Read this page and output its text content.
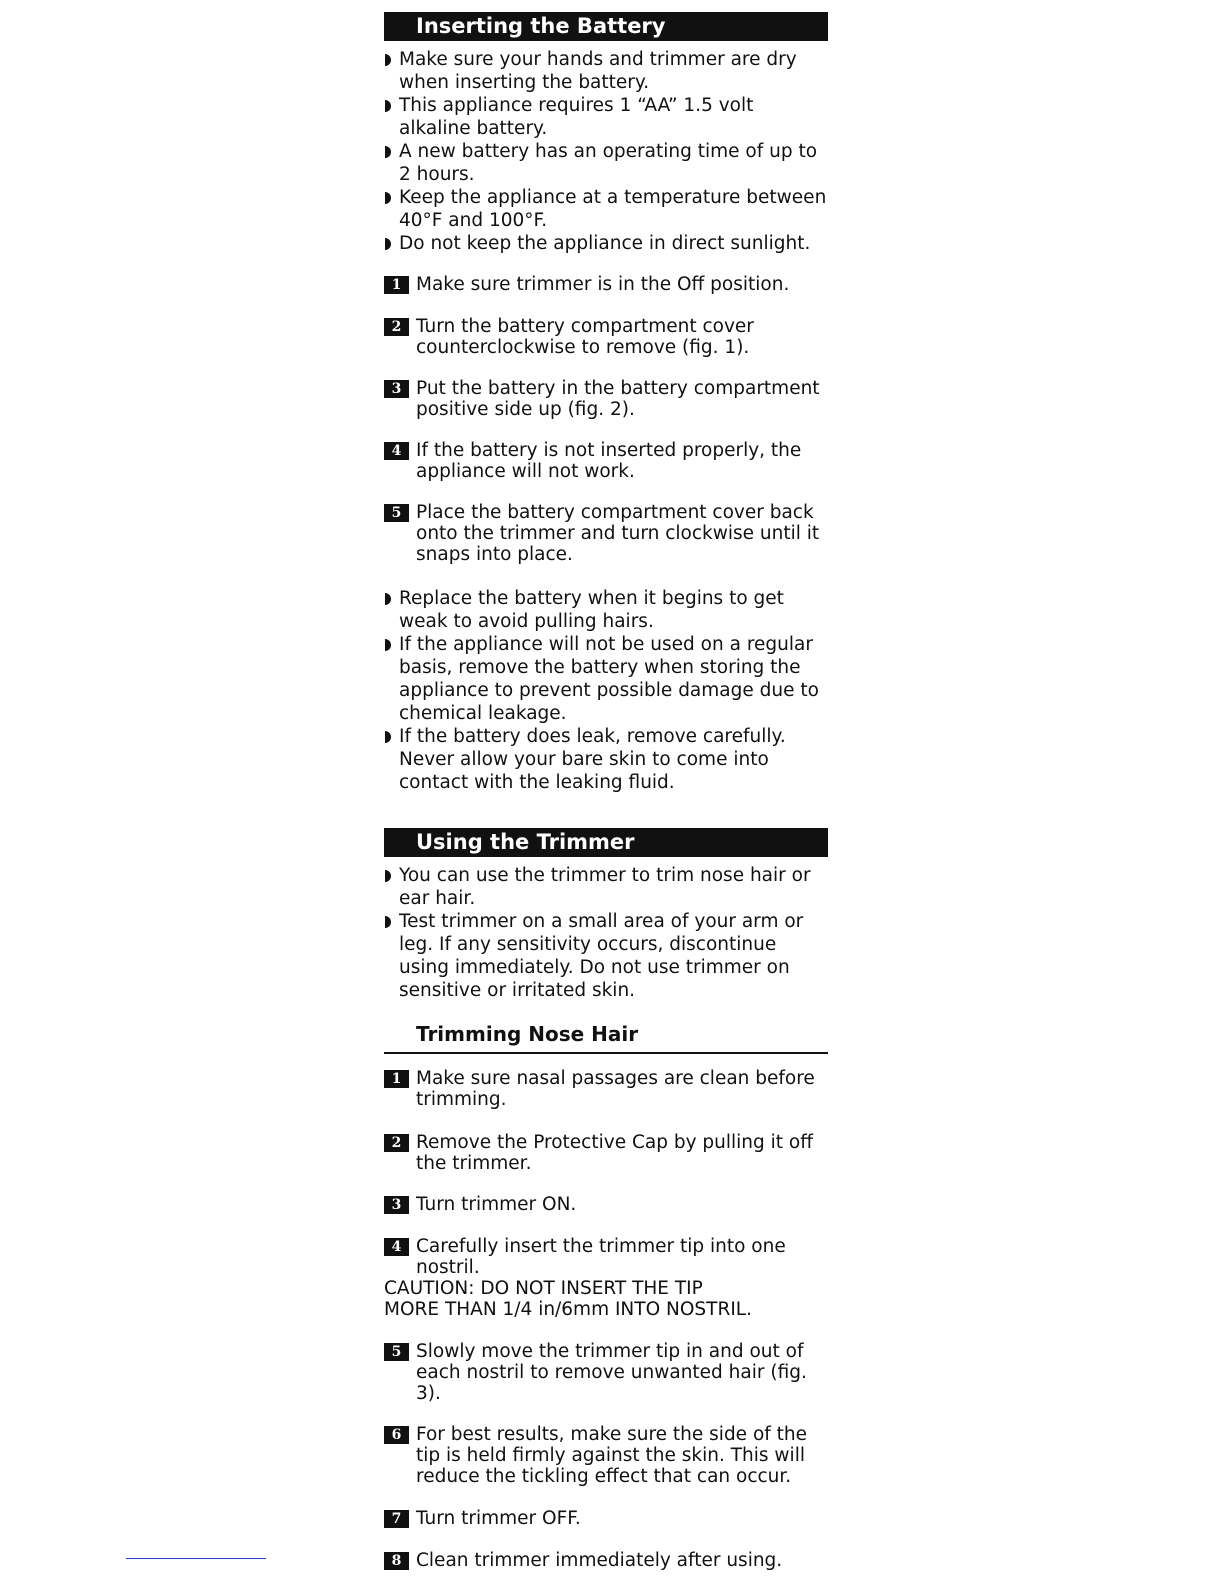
Inserting the Battery
Make sure your hands and trimmer are dry when inserting the battery.
This appliance requires 1 “AA” 1.5 volt alkaline battery.
A new battery has an operating time of up to 2 hours.
Keep the appliance at a temperature between 40°F and 100°F.
Do not keep the appliance in direct sunlight.
1 Make sure trimmer is in the Off position.
2 Turn the battery compartment cover counterclockwise to remove (fig. 1).
3 Put the battery in the battery compartment positive side up (fig. 2).
4 If the battery is not inserted properly, the appliance will not work.
5 Place the battery compartment cover back onto the trimmer and turn clockwise until it snaps into place.
Replace the battery when it begins to get weak to avoid pulling hairs.
If the appliance will not be used on a regular basis, remove the battery when storing the appliance to prevent possible damage due to chemical leakage.
If the battery does leak, remove carefully. Never allow your bare skin to come into contact with the leaking fluid.
Using the Trimmer
You can use the trimmer to trim nose hair or ear hair.
Test trimmer on a small area of your arm or leg. If any sensitivity occurs, discontinue using immediately. Do not use trimmer on sensitive or irritated skin.
Trimming Nose Hair
1 Make sure nasal passages are clean before trimming.
2 Remove the Protective Cap by pulling it off the trimmer.
3 Turn trimmer ON.
4 Carefully insert the trimmer tip into one nostril.
CAUTION: DO NOT INSERT THE TIP
MORE THAN 1/4 in/6mm INTO NOSTRIL.
5 Slowly move the trimmer tip in and out of each nostril to remove unwanted hair (fig. 3).
6 For best results, make sure the side of the tip is held firmly against the skin. This will reduce the tickling effect that can occur.
7 Turn trimmer OFF.
8 Clean trimmer immediately after using.
